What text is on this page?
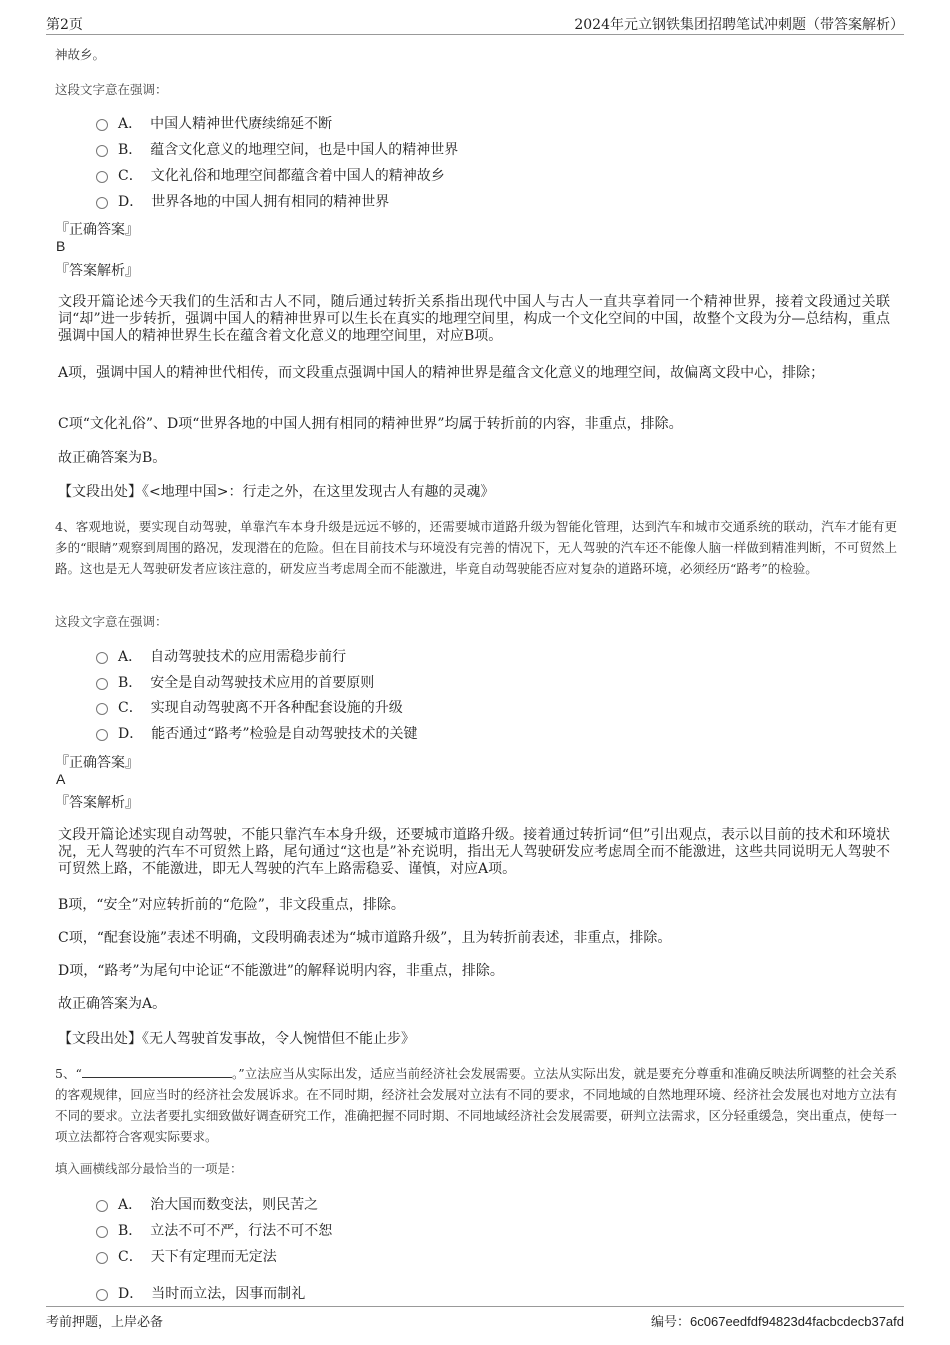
第2页	2024年元立钢铁集团招聘笔试冲刺题（带答案解析）
神故乡。
这段文字意在强调：
A． 中国人精神世代赓续绵延不断
B． 蕴含文化意义的地理空间，也是中国人的精神世界
C． 文化礼俗和地理空间都蕴含着中国人的精神故乡
D． 世界各地的中国人拥有相同的精神世界
『正确答案』
B
『答案解析』
文段开篇论述今天我们的生活和古人不同，随后通过转折关系指出现代中国人与古人一直共享着同一个精神世界，接着文段通过关联词“却”进一步转折，强调中国人的精神世界可以生长在真实的地理空间里，构成一个文化空间的中国，故整个文段为分—总结构，重点强调中国人的精神世界生长在蕴含着文化意义的地理空间里，对应B项。
A项，强调中国人的精神世代相传，而文段重点强调中国人的精神世界是蕴含文化意义的地理空间，故偏离文段中心，排除；
C项“文化礼俗”、D项“世界各地的中国人拥有相同的精神世界”均属于转折前的内容，非重点，排除。
故正确答案为B。
【文段出处】《<地理中国>：行走之外，在这里发现古人有趣的灵魂》
4、客观地说，要实现自动驾驶，单靠汽车本身升级是远远不够的，还需要城市道路升级为智能化管理，达到汽车和城市交通系统的联动，汽车才能有更多的“眼睛”观察到周围的路况，发现潜在的危险。但在目前技术与环境没有完善的情况下，无人驾驶的汽车还不能像人脑一样做到精准判断，不可贸然上路。这也是无人驾驶研发者应该注意的，研发应当考虑周全而不能激进，毕竟自动驾驶能否应对复杂的道路环境，必须经历“路考”的检验。
这段文字意在强调：
A． 自动驾驶技术的应用需稳步前行
B． 安全是自动驾驶技术应用的首要原则
C． 实现自动驾驶离不开各种配套设施的升级
D． 能否通过“路考”检验是自动驾驶技术的关键
『正确答案』
A
『答案解析』
文段开篇论述实现自动驾驶，不能只靠汽车本身升级，还要城市道路升级。接着通过转折词“但”引出观点，表示以目前的技术和环境状况，无人驾驶的汽车不可贸然上路，尾句通过“这也是”补充说明，指出无人驾驶研发应考虑周全而不能激进，这些共同说明无人驾驶不可贸然上路，不能激进，即无人驾驶的汽车上路需稳妥、谨慎，对应A项。
B项，“安全”对应转折前的“危险”，非文段重点，排除。
C项，“配套设施”表述不明确，文段明确表述为“城市道路升级”，且为转折前表述，非重点，排除。
D项，“路考”为尾句中论证“不能激进”的解释说明内容，非重点，排除。
故正确答案为A。
【文段出处】《无人驾驶首发事故，令人惋惜但不能止步》
5、“	。”立法应当从实际出发，适应当前经济社会发展需要。立法从实际出发，就是要充分尊重和准确反映法所调整的社会关系的客观规律，回应当时的经济社会发展诉求。在不同时期，经济社会发展对立法有不同的要求，不同地域的自然地理环境、经济社会发展也对地方立法有不同的要求。立法者要扎实细致做好调查研究工作，准确把握不同时期、不同地域经济社会发展需要，研判立法需求，区分轻重缓急，突出重点，使每一项立法都符合客观实际要求。
填入画横线部分最恰当的一项是：
A． 治大国而数变法，则民苦之
B． 立法不可不严，行法不可不恕
C． 天下有定理而无定法
D． 当时而立法，因事而制礼
考前押题，上岸必备	编号：6c067eedfdf94823d4facbcdecb37afd
